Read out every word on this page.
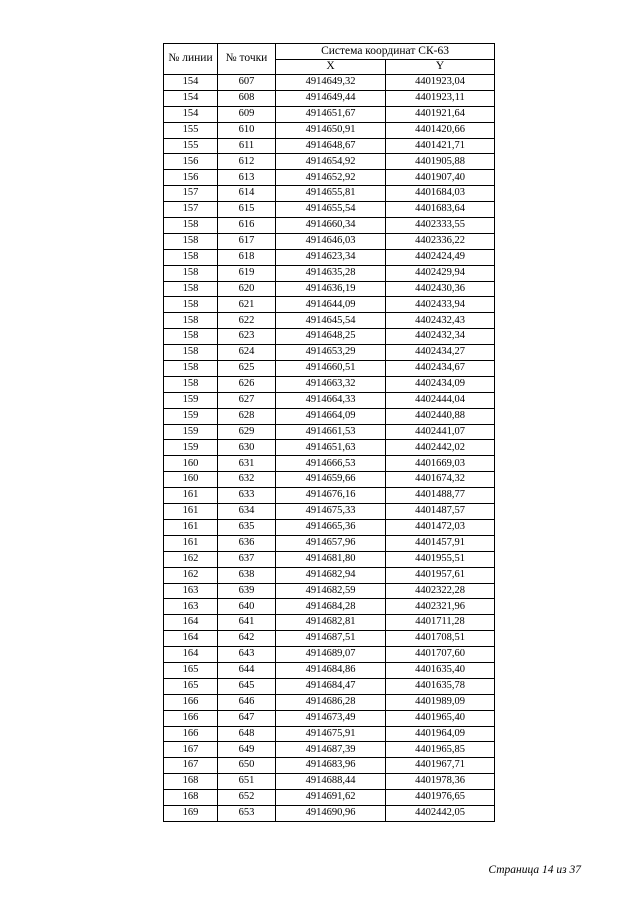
№ линии	№ точки	Система координат СК-63	
		X	Y
154	607	4914649,32	4401923,04
154	608	4914649,44	4401923,11
154	609	4914651,67	4401921,64
155	610	4914650,91	4401420,66
155	611	4914648,67	4401421,71
156	612	4914654,92	4401905,88
156	613	4914652,92	4401907,40
157	614	4914655,81	4401684,03
157	615	4914655,54	4401683,64
158	616	4914660,34	4402333,55
158	617	4914646,03	4402336,22
158	618	4914623,34	4402424,49
158	619	4914635,28	4402429,94
158	620	4914636,19	4402430,36
158	621	4914644,09	4402433,94
158	622	4914645,54	4402432,43
158	623	4914648,25	4402432,34
158	624	4914653,29	4402434,27
158	625	4914660,51	4402434,67
158	626	4914663,32	4402434,09
159	627	4914664,33	4402444,04
159	628	4914664,09	4402440,88
159	629	4914661,53	4402441,07
159	630	4914651,63	4402442,02
160	631	4914666,53	4401669,03
160	632	4914659,66	4401674,32
161	633	4914676,16	4401488,77
161	634	4914675,33	4401487,57
161	635	4914665,36	4401472,03
161	636	4914657,96	4401457,91
162	637	4914681,80	4401955,51
162	638	4914682,94	4401957,61
163	639	4914682,59	4402322,28
163	640	4914684,28	4402321,96
164	641	4914682,81	4401711,28
164	642	4914687,51	4401708,51
164	643	4914689,07	4401707,60
165	644	4914684,86	4401635,40
165	645	4914684,47	4401635,78
166	646	4914686,28	4401989,09
166	647	4914673,49	4401965,40
166	648	4914675,91	4401964,09
167	649	4914687,39	4401965,85
167	650	4914683,96	4401967,71
168	651	4914688,44	4401978,36
168	652	4914691,62	4401976,65
169	653	4914690,96	4402442,05
Страница 14 из 37
